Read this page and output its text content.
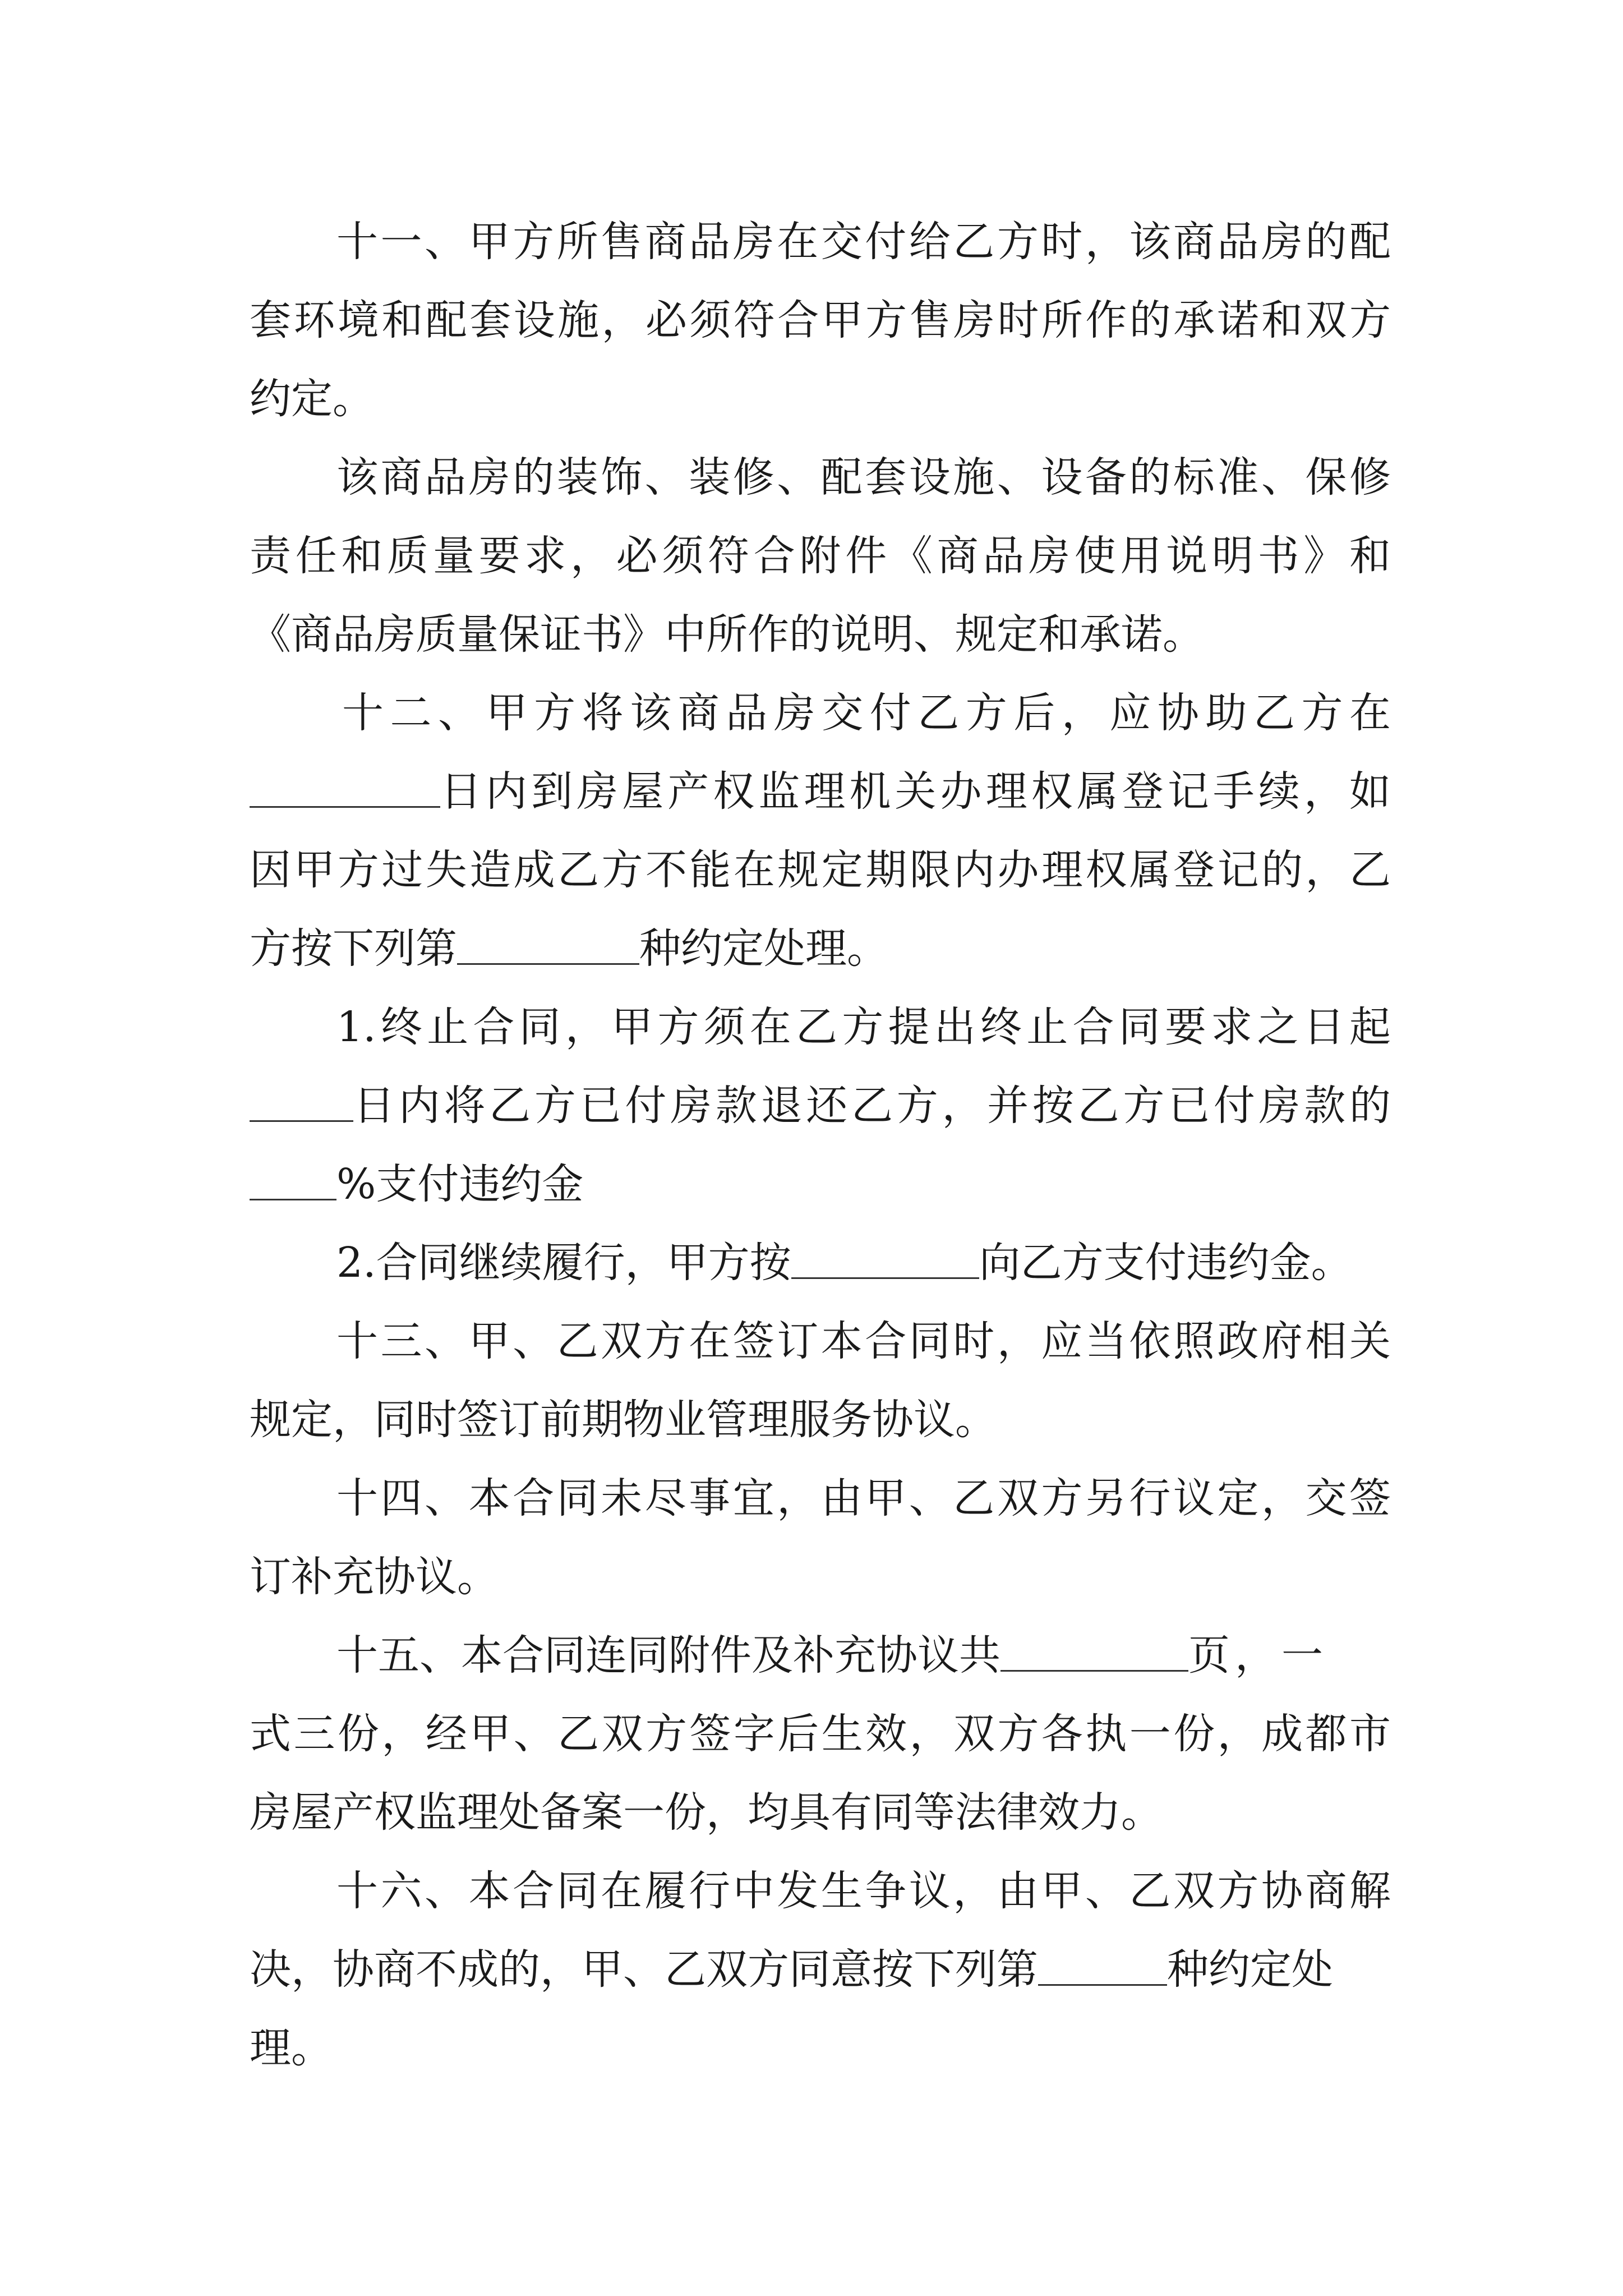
十一、甲方所售商品房在交付给乙方时，该商品房的配
套环境和配套设施，必须符合甲方售房时所作的承诺和双方
约定。
该商品房的装饰、装修、配套设施、设备的标准、保修
责任和质量要求，必须符合附件《商品房使用说明书》和
《商品房质量保证书》中所作的说明、规定和承诺。
十二、甲方将该商品房交付乙方后，应协助乙方在
日内到房屋产权监理机关办理权属登记手续，如
因甲方过失造成乙方不能在规定期限内办理权属登记的，乙
方按下列第	种约定处理。
1.终止合同，甲方须在乙方提出终止合同要求之日起
日内将乙方已付房款退还乙方，并按乙方已付房款的
%支付违约金
2.合同继续履行，甲方按	向乙方支付违约金。
十三、甲、乙双方在签订本合同时，应当依照政府相关
规定，同时签订前期物业管理服务协议。
十四、本合同未尽事宜，由甲、乙双方另行议定，交签
订补充协议。
十五、本合同连同附件及补充协议共	页，一
式三份，经甲、乙双方签字后生效，双方各执一份，成都市
房屋产权监理处备案一份，均具有同等法律效力。
十六、本合同在履行中发生争议，由甲、乙双方协商解
决，协商不成的，甲、乙双方同意按下列第	种约定处
理。
